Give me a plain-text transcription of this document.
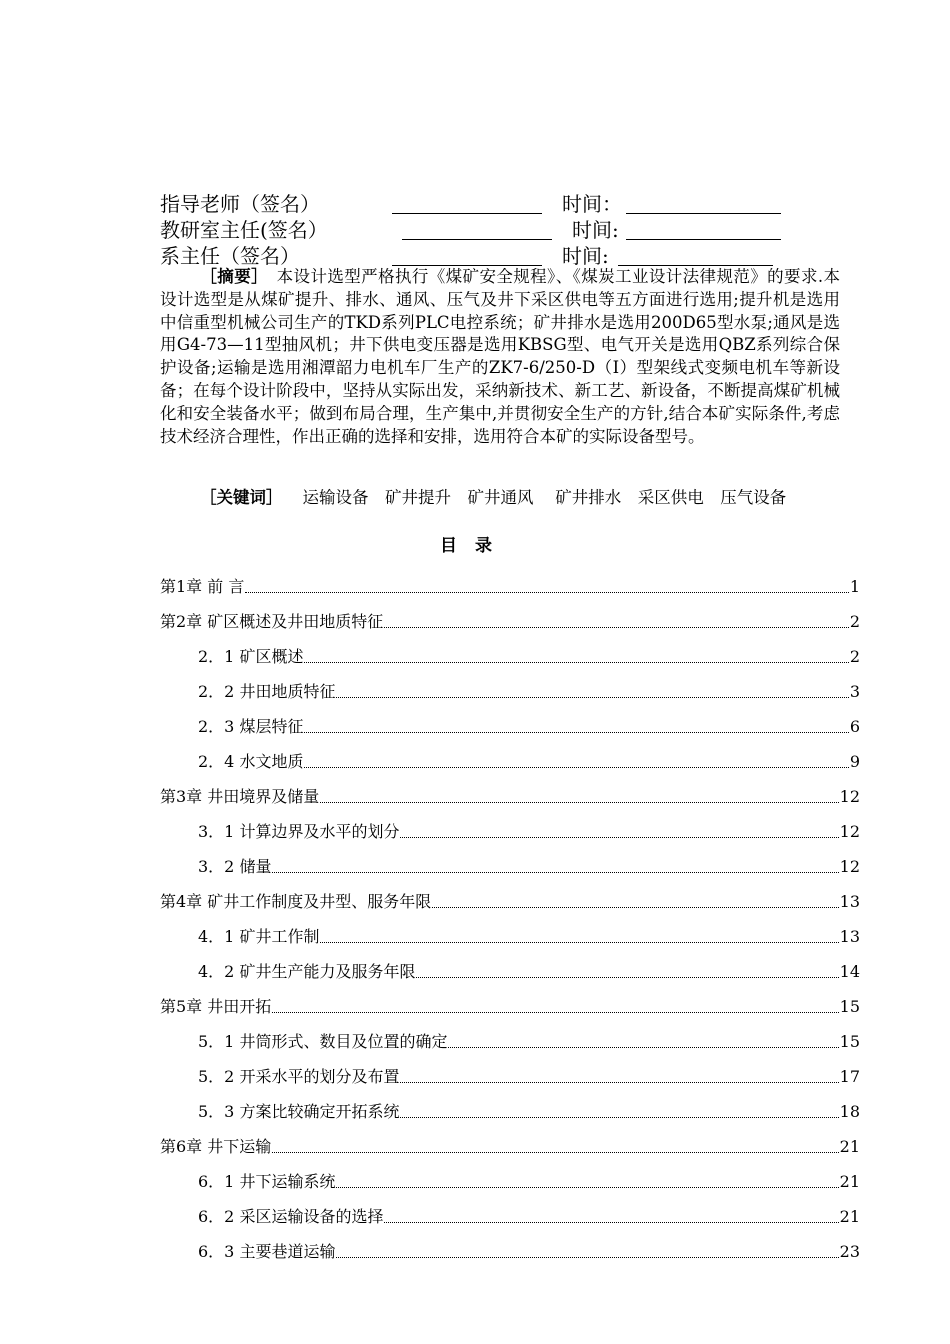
指导老师（签名）	时间：
教研室主任(签名）	时间:
系主任（签名）	时间:
［摘要］　 本设计选型严格执行《煤矿安全规程》、《煤炭工业设计法律规范》的要求.本设计选型是从煤矿提升、排水、通风、压气及井下采区供电等五方面进行选用;提升机是选用中信重型机械公司生产的TKD系列PLC电控系统；矿井排水是选用200D65型水泵;通风是选用G4-73—11型抽风机；井下供电变压器是选用KBSG型、电气开关是选用QBZ系列综合保护设备;运输是选用湘潭韶力电机车厂生产的ZK7-6/250-D（I）型架线式变频电机车等新设备；在每个设计阶段中，坚持从实际出发，采纳新技术、新工艺、新设备，不断提高煤矿机械化和安全装备水平；做到布局合理，生产集中,并贯彻安全生产的方针,结合本矿实际条件,考虑技术经济合理性，作出正确的选择和安排，选用符合本矿的实际设备型号。
［关键词］ 运输设备　矿井提升　矿井通风　 矿井排水　采区供电　压气设备
目录
第1章 前 言	1
第2章 矿区概述及井田地质特征	2
2．1 矿区概述	2
2．2 井田地质特征	3
2．3 煤层特征	6
2．4 水文地质	9
第3章 井田境界及储量	12
3．1 计算边界及水平的划分	12
3．2 储量	12
第4章 矿井工作制度及井型、服务年限	13
4．1 矿井工作制	13
4．2 矿井生产能力及服务年限	14
第5章 井田开拓	15
5．1 井筒形式、数目及位置的确定	15
5．2 开采水平的划分及布置	17
5．3 方案比较确定开拓系统	18
第6章 井下运输	21
6．1 井下运输系统	21
6．2 采区运输设备的选择	21
6．3 主要巷道运输	23
